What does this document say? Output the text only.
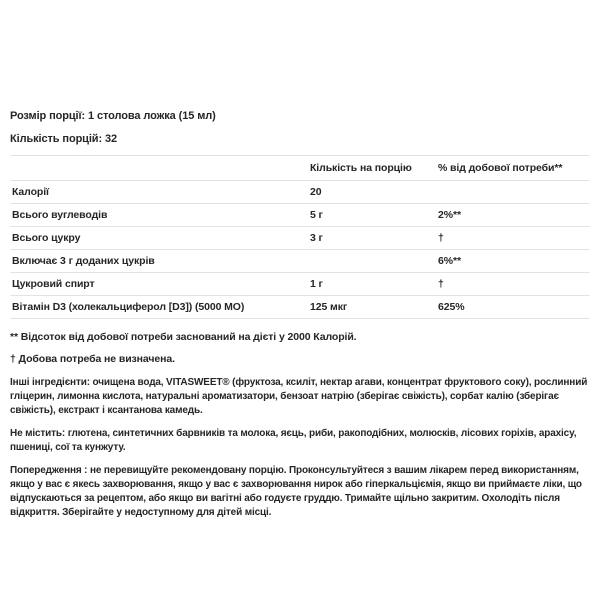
Розмір порції: 1 столова ложка (15 мл)
Кількість порцій: 32
	Кількість на порцію	% від добової потреби**
Калорії	20	
Всього вуглеводів	5 г	2%**
Всього цукру	3 г	†
Включає 3 г доданих цукрів		6%**
Цукровий спирт	1 г	†
Вітамін D3 (холекальциферол [D3]) (5000 МО)	125 мкг	625%
** Відсоток від добової потреби заснований на дієті у 2000 Калорій.
† Добова потреба не визначена.

Інші інгредієнти: очищена вода, VITASWEET® (фруктоза, ксиліт, нектар агави, концентрат фруктового соку), рослинний гліцерин, лимонна кислота, натуральні ароматизатори, бензоат натрію (зберігає свіжість), сорбат калію (зберігає свіжість), екстракт і ксантанова камедь.

Не містить: глютена, синтетичних барвників та молока, яєць, риби, ракоподібних, молюсків, лісових горіхів, арахісу, пшениці, сої та кунжуту.

Попередження : не перевищуйте рекомендовану порцію. Проконсультуйтеся з вашим лікарем перед використанням, якщо у вас є якесь захворювання, якщо у вас є захворювання нирок або гіперкальціємія, якщо ви приймаєте ліки, що відпускаються за рецептом, або якщо ви вагітні або годуєте груддю. Тримайте щільно закритим. Охолодіть після відкриття. Зберігайте у недоступному для дітей місці.
